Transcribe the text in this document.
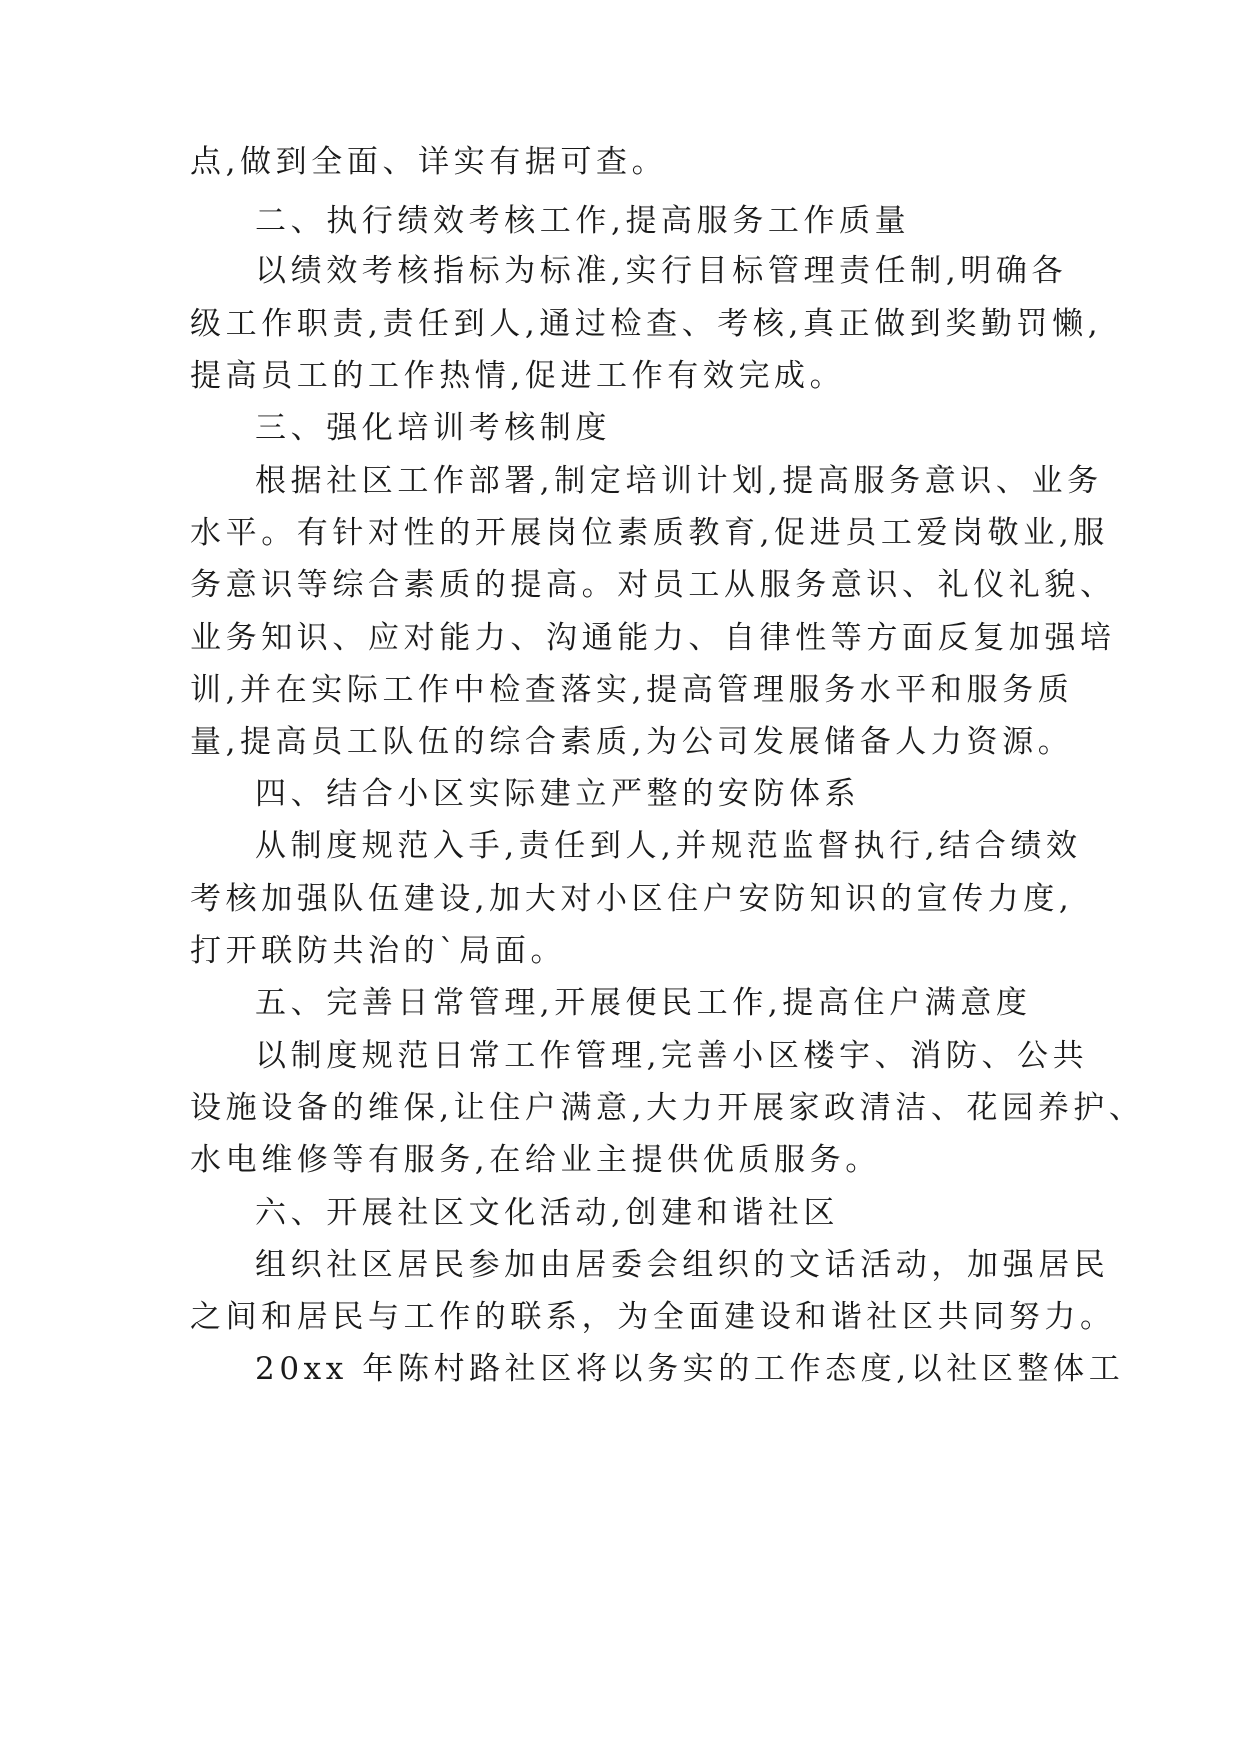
点,做到全面、详实有据可查。
二、执行绩效考核工作,提高服务工作质量
以绩效考核指标为标准,实行目标管理责任制,明确各
级工作职责,责任到人,通过检查、考核,真正做到奖勤罚懒,
提高员工的工作热情,促进工作有效完成。
三、强化培训考核制度
根据社区工作部署,制定培训计划,提高服务意识、业务
水平。有针对性的开展岗位素质教育,促进员工爱岗敬业,服
务意识等综合素质的提高。对员工从服务意识、礼仪礼貌、
业务知识、应对能力、沟通能力、自律性等方面反复加强培
训,并在实际工作中检查落实,提高管理服务水平和服务质
量,提高员工队伍的综合素质,为公司发展储备人力资源。
四、结合小区实际建立严整的安防体系
从制度规范入手,责任到人,并规范监督执行,结合绩效
考核加强队伍建设,加大对小区住户安防知识的宣传力度,
打开联防共治的`局面。
五、完善日常管理,开展便民工作,提高住户满意度
以制度规范日常工作管理,完善小区楼宇、消防、公共
设施设备的维保,让住户满意,大力开展家政清洁、花园养护、
水电维修等有服务,在给业主提供优质服务。
六、开展社区文化活动,创建和谐社区
组织社区居民参加由居委会组织的文话活动，加强居民
之间和居民与工作的联系，为全面建设和谐社区共同努力。
20xx 年陈村路社区将以务实的工作态度,以社区整体工
